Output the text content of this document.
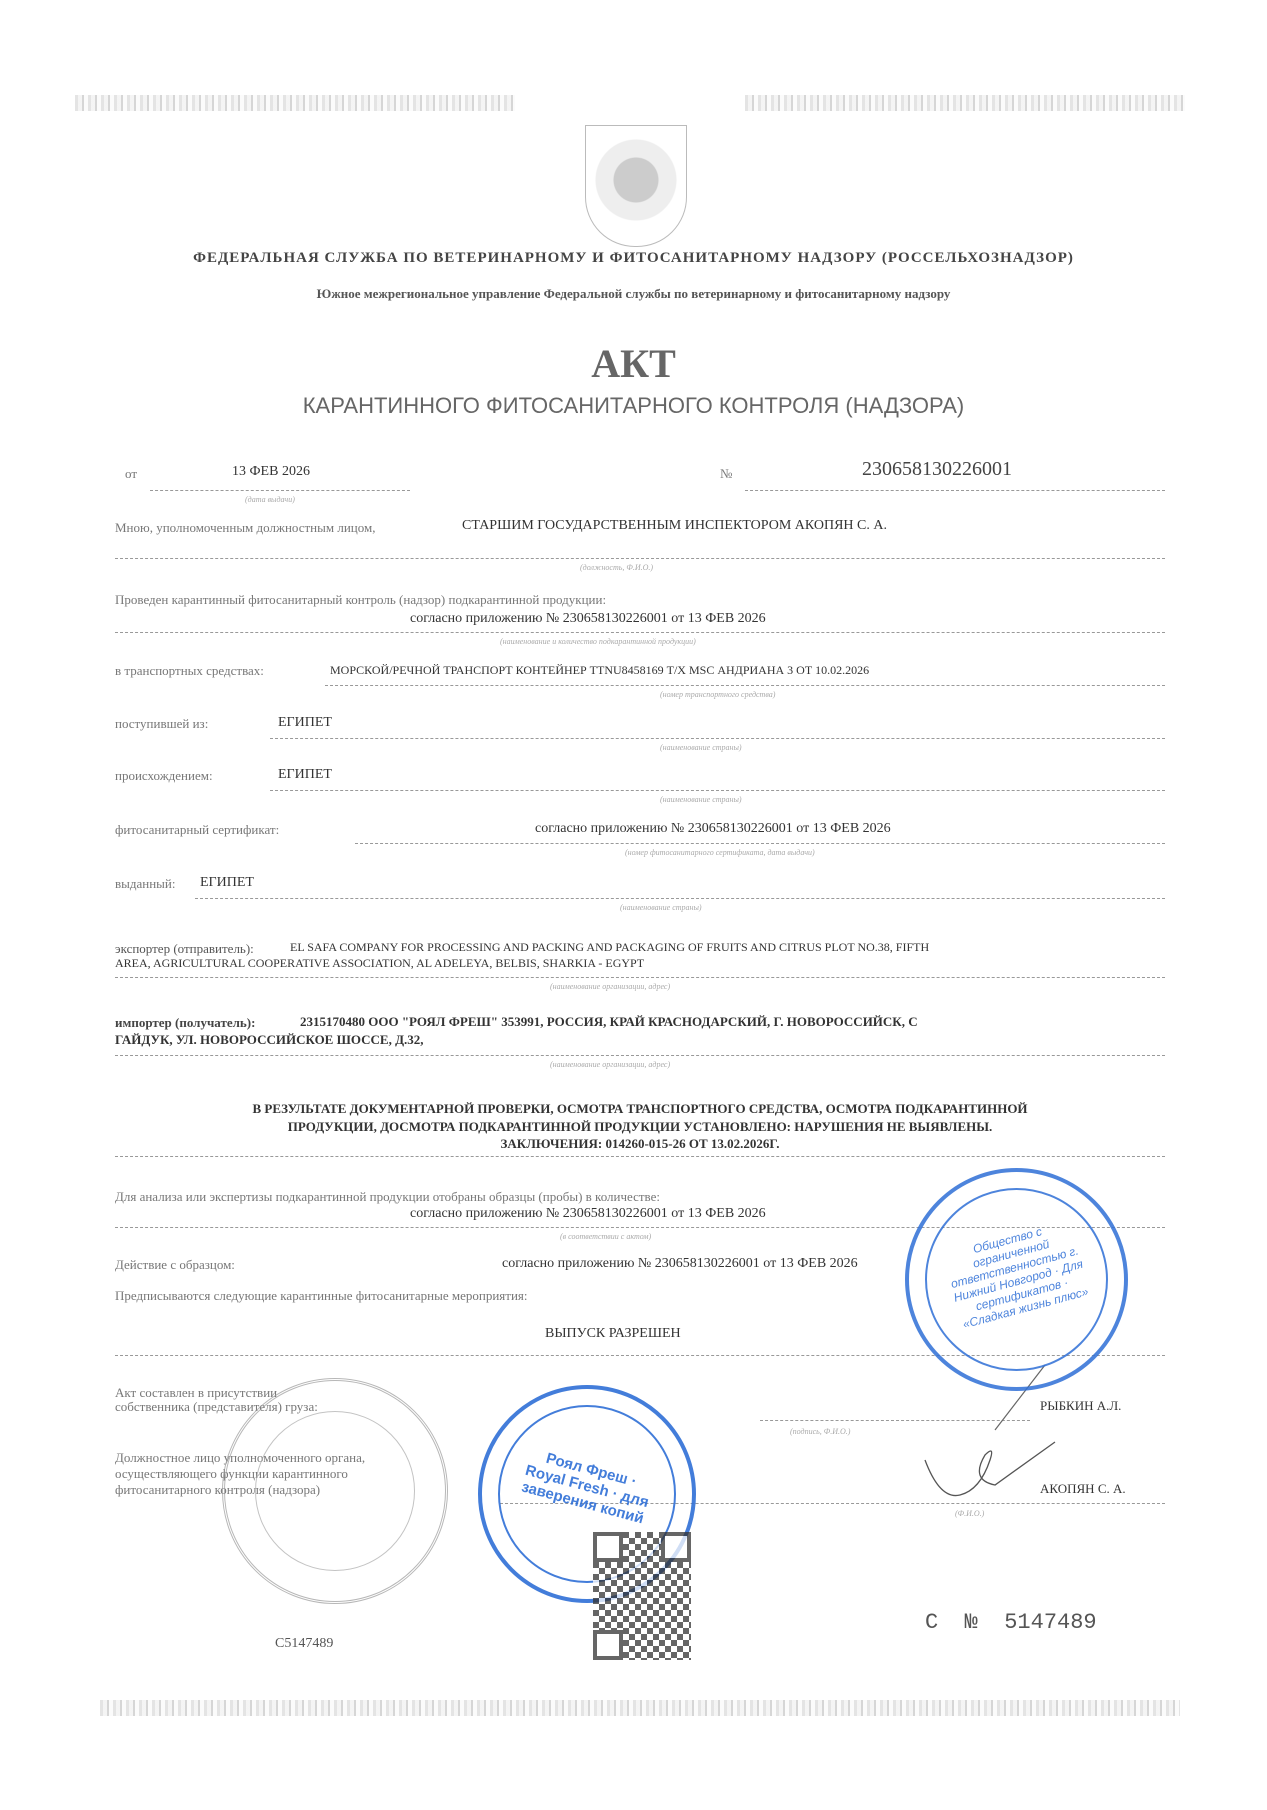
ФЕДЕРАЛЬНАЯ СЛУЖБА ПО ВЕТЕРИНАРНОМУ И ФИТОСАНИТАРНОМУ НАДЗОРУ (РОССЕЛЬХОЗНАДЗОР)
Южное межрегиональное управление Федеральной службы по ветеринарному и фитосанитарному надзору
АКТ
КАРАНТИННОГО ФИТОСАНИТАРНОГО КОНТРОЛЯ (НАДЗОРА)
от	13 ФЕВ 2026
(дата выдачи)
№	230658130226001
Мною, уполномоченным должностным лицом,	СТАРШИМ ГОСУДАРСТВЕННЫМ ИНСПЕКТОРОМ АКОПЯН С. А.
(должность, Ф.И.О.)
Проведен карантинный фитосанитарный контроль (надзор) подкарантинной продукции:
согласно приложению № 230658130226001 от 13 ФЕВ 2026
(наименование и количество подкарантинной продукции)
в транспортных средствах:	МОРСКОЙ/РЕЧНОЙ ТРАНСПОРТ КОНТЕЙНЕР TTNU8458169 Т/Х MSC АНДРИАНА 3 ОТ 10.02.2026
(номер транспортного средства)
поступившей из:	ЕГИПЕТ
(наименование страны)
происхождением:	ЕГИПЕТ
(наименование страны)
фитосанитарный сертификат:	согласно приложению № 230658130226001 от 13 ФЕВ 2026
(номер фитосанитарного сертификата, дата выдачи)
выданный: ЕГИПЕТ
(наименование страны)
экспортер (отправитель):	EL SAFA COMPANY FOR PROCESSING AND PACKING AND PACKAGING OF FRUITS AND CITRUS PLOT NO.38, FIFTH
AREA, AGRICULTURAL COOPERATIVE ASSOCIATION, AL ADELEYA, BELBIS, SHARKIA - EGYPT
(наименование организации, адрес)
импортер (получатель):	2315170480 ООО "РОЯЛ ФРЕШ" 353991, РОССИЯ, КРАЙ КРАСНОДАРСКИЙ, Г. НОВОРОССИЙСК, С
ГАЙДУК, УЛ. НОВОРОССИЙСКОЕ ШОССЕ, Д.32,
(наименование организации, адрес)
В РЕЗУЛЬТАТЕ ДОКУМЕНТАРНОЙ ПРОВЕРКИ, ОСМОТРА ТРАНСПОРТНОГО СРЕДСТВА, ОСМОТРА ПОДКАРАНТИННОЙ
ПРОДУКЦИИ, ДОСМОТРА ПОДКАРАНТИННОЙ ПРОДУКЦИИ УСТАНОВЛЕНО: НАРУШЕНИЯ НЕ ВЫЯВЛЕНЫ.
ЗАКЛЮЧЕНИЯ: 014260-015-26 ОТ 13.02.2026Г.
Для анализа или экспертизы подкарантинной продукции отобраны образцы (пробы) в количестве:
согласно приложению № 230658130226001 от 13 ФЕВ 2026
(в соответствии с актом)
Действие с образцом:	согласно приложению № 230658130226001 от 13 ФЕВ 2026
Предписываются следующие карантинные фитосанитарные мероприятия:
ВЫПУСК РАЗРЕШЕН
Акт составлен в присутствии
собственника (представителя) груза:	РЫБКИН А.Л.
(подпись, Ф.И.О.)
Должностное лицо уполномоченного органа,
осуществляющего функции карантинного
фитосанитарного контроля (надзора)	АКОПЯН С. А.
(Ф.И.О.)
Роял Фреш · Royal Fresh · для заверения копий
Общество с ограниченной ответственностью г. Нижний Новгород · Для сертификатов · «Сладкая жизнь плюс»
C5147489
С  №  5147489
